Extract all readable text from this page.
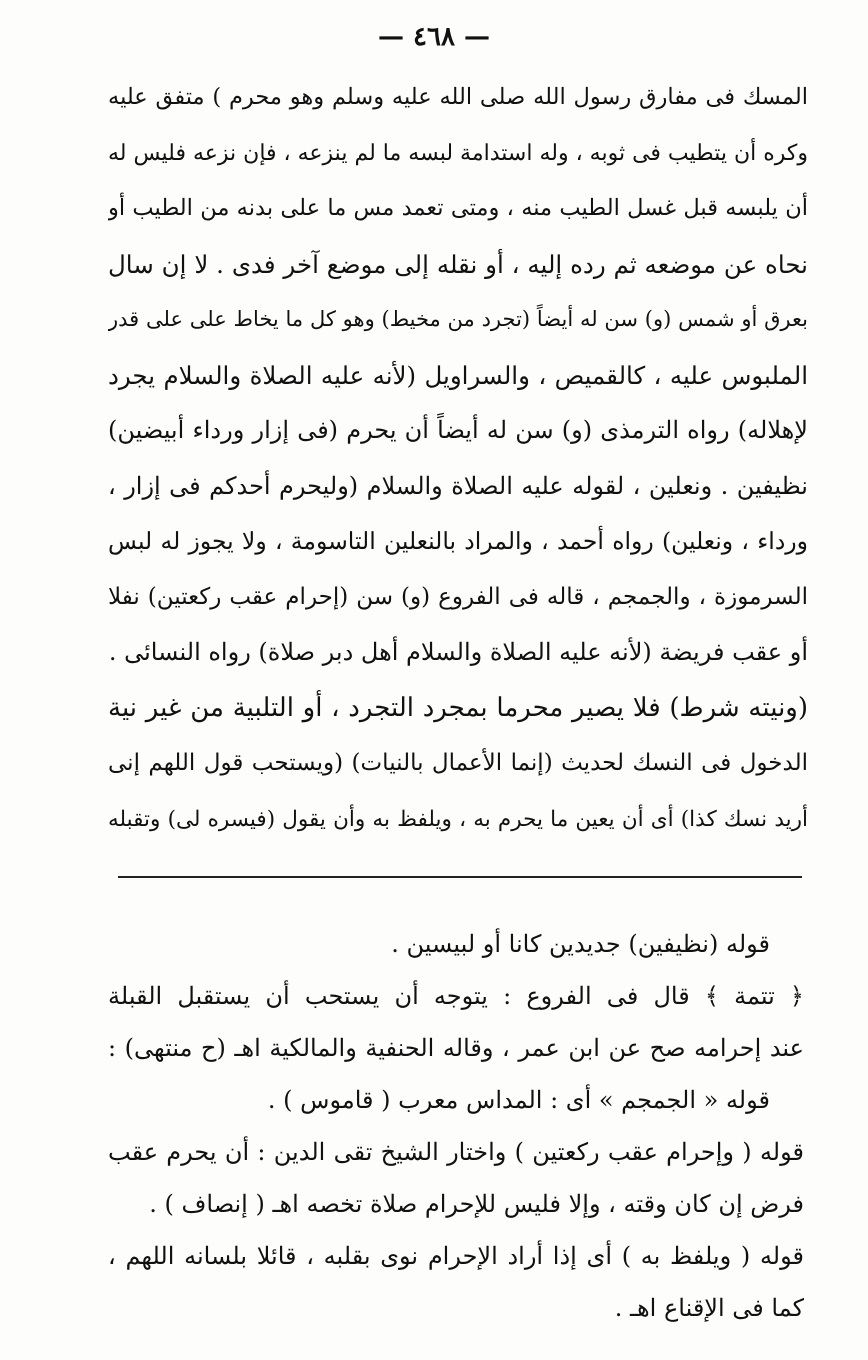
— ٤٦٨ —
المسك فى مفارق رسول الله صلى الله عليه وسلم وهو محرم ) متفق عليه
وكره أن يتطيب فى ثوبه ، وله استدامة لبسه ما لم ينزعه ، فإن نزعه فليس له
أن يلبسه قبل غسل الطيب منه ، ومتى تعمد مس ما على بدنه من الطيب أو
نحاه عن موضعه ثم رده إليه ، أو نقله إلى موضع آخر فدى . لا إن سال
بعرق أو شمس (و) سن له أيضاً (تجرد من مخيط) وهو كل ما يخاط على على قدر
الملبوس عليه ، كالقميص ، والسراويل (لأنه عليه الصلاة والسلام يجرد
لإهلاله) رواه الترمذى (و) سن له أيضاً أن يحرم (فى إزار ورداء أبيضين)
نظيفين . ونعلين ، لقوله عليه الصلاة والسلام (وليحرم أحدكم فى إزار ،
ورداء ، ونعلين) رواه أحمد ، والمراد بالنعلين التاسومة ، ولا يجوز له لبس
السرموزة ، والجمجم ، قاله فى الفروع (و) سن (إحرام عقب ركعتين) نفلا
أو عقب فريضة (لأنه عليه الصلاة والسلام أهل دبر صلاة) رواه النسائى .
(ونيته شرط) فلا يصير محرما بمجرد التجرد ، أو التلبية من غير نية
الدخول فى النسك لحديث (إنما الأعمال بالنيات) (ويستحب قول اللهم إنى
أريد نسك كذا) أى أن يعين ما يحرم به ، ويلفظ به وأن يقول (فيسره لى) وتقبله
قوله (نظيفين) جديدين كانا أو لبيسين .
﴿ تتمة ﴾ قال فى الفروع : يتوجه أن يستحب أن يستقبل القبلة
عند إحرامه صح عن ابن عمر ، وقاله الحنفية والمالكية اهـ (ح منتهى) :
قوله « الجمجم » أى : المداس معرب ( قاموس ) .
قوله ( وإحرام عقب ركعتين ) واختار الشيخ تقى الدين : أن يحرم عقب
فرض إن كان وقته ، وإلا فليس للإحرام صلاة تخصه اهـ ( إنصاف ) .
قوله ( ويلفظ به ) أى إذا أراد الإحرام نوى بقلبه ، قائلا بلسانه اللهم ،
كما فى الإقناع اهـ .
